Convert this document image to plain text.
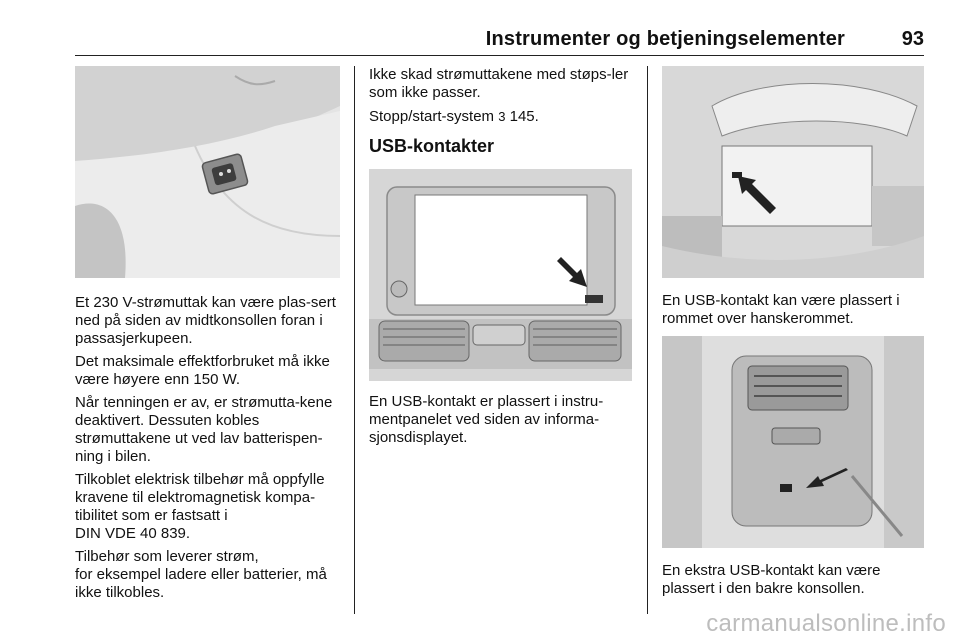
Instrumenter og betjeningselementer	93

Et 230 V-strømuttak kan være plas-sert ned på siden av midtkonsollen foran i passasjerkupeen.

Det maksimale effektforbruket må ikke være høyere enn 150 W.

Når tenningen er av, er strømutta-kene deaktivert. Dessuten kobles strømuttakene ut ved lav batterispen-ning i bilen.

Tilkoblet elektrisk tilbehør må oppfylle kravene til elektromagnetisk kompa-tibilitet som er fastsatt i

DIN VDE 40 839.

Tilbehør som leverer strøm,

for eksempel ladere eller batterier, må ikke tilkobles.

Ikke skad strømuttakene med støps-ler som ikke passer.

Stopp/start-system 3 145.

USB-kontakter

En USB-kontakt er plassert i instru-mentpanelet ved siden av informa-sjonsdisplayet.

En USB-kontakt kan være plassert i rommet over hanskerommet.

En ekstra USB-kontakt kan være plassert i den bakre konsollen.

carmanualsonline.info
